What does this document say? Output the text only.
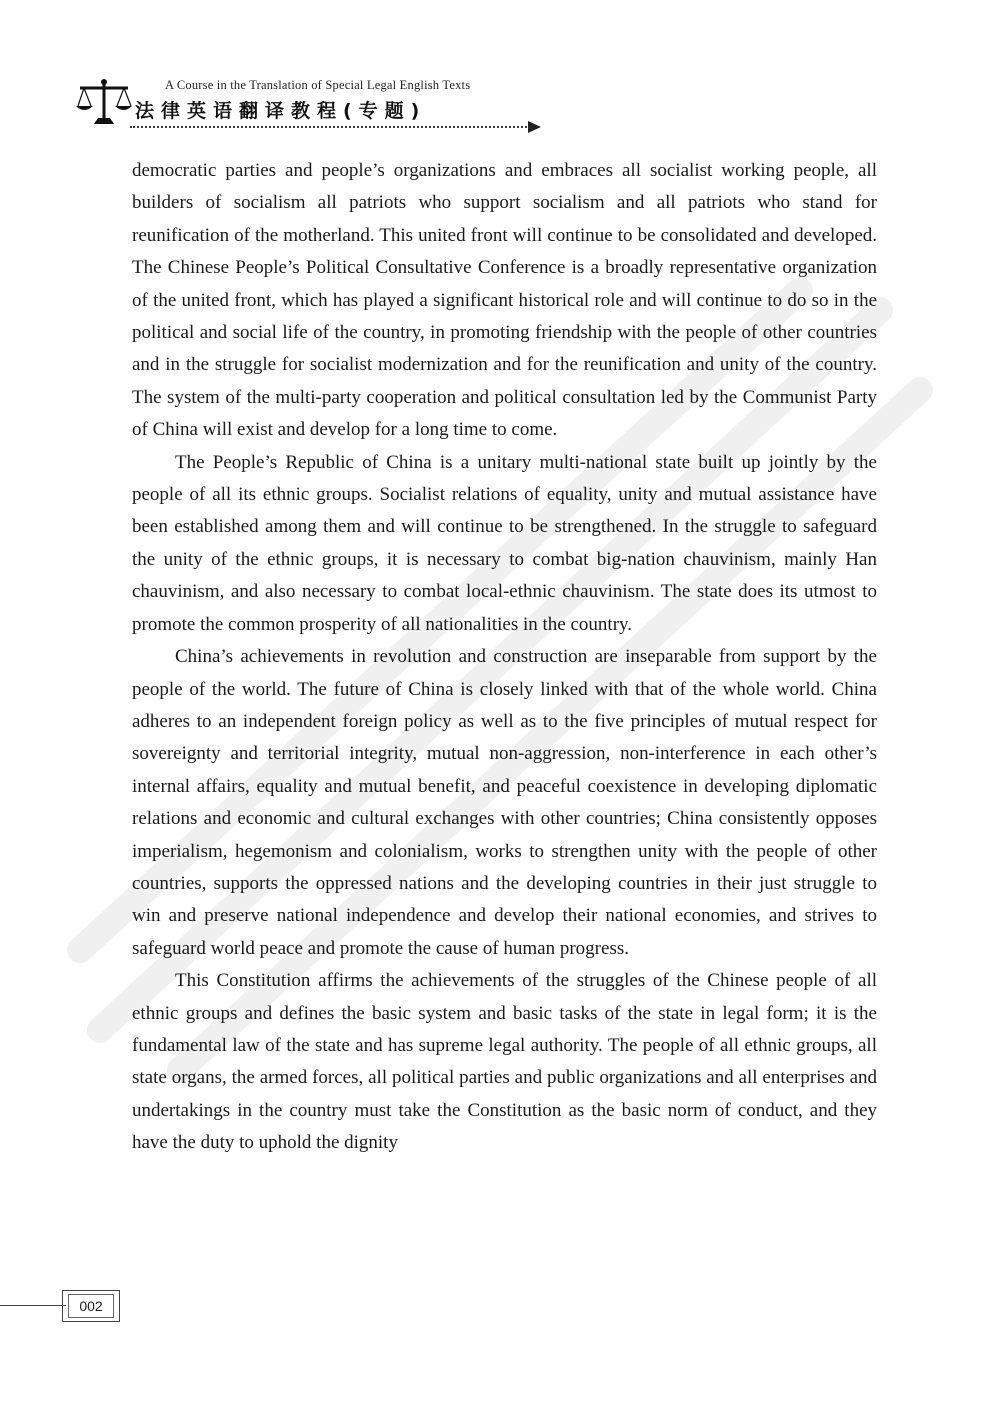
A Course in the Translation of Special Legal English Texts
法律英语翻译教程(专题)

democratic parties and people’s organizations and embraces all socialist working people, all builders of socialism all patriots who support socialism and all patriots who stand for reunification of the motherland. This united front will continue to be consolidated and developed. The Chinese People’s Political Consultative Conference is a broadly representative organization of the united front, which has played a significant historical role and will continue to do so in the political and social life of the country, in promoting friendship with the people of other countries and in the struggle for socialist modernization and for the reunification and unity of the country. The system of the multi-party cooperation and political consultation led by the Communist Party of China will exist and develop for a long time to come.

The People’s Republic of China is a unitary multi-national state built up jointly by the people of all its ethnic groups. Socialist relations of equality, unity and mutual assistance have been established among them and will continue to be strengthened. In the struggle to safeguard the unity of the ethnic groups, it is necessary to combat big-nation chauvinism, mainly Han chauvinism, and also necessary to combat local-ethnic chauvinism. The state does its utmost to promote the common prosperity of all nationalities in the country.

China’s achievements in revolution and construction are inseparable from support by the people of the world. The future of China is closely linked with that of the whole world. China adheres to an independent foreign policy as well as to the five principles of mutual respect for sovereignty and territorial integrity, mutual non-aggression, non-interference in each other’s internal affairs, equality and mutual benefit, and peaceful coexistence in developing diplomatic relations and economic and cultural exchanges with other countries; China consistently opposes imperialism, hegemonism and colonialism, works to strengthen unity with the people of other countries, supports the oppressed nations and the developing countries in their just struggle to win and preserve national independence and develop their national economies, and strives to safeguard world peace and promote the cause of human progress.

This Constitution affirms the achievements of the struggles of the Chinese people of all ethnic groups and defines the basic system and basic tasks of the state in legal form; it is the fundamental law of the state and has supreme legal authority. The people of all ethnic groups, all state organs, the armed forces, all political parties and public organizations and all enterprises and undertakings in the country must take the Constitution as the basic norm of conduct, and they have the duty to uphold the dignity

002
